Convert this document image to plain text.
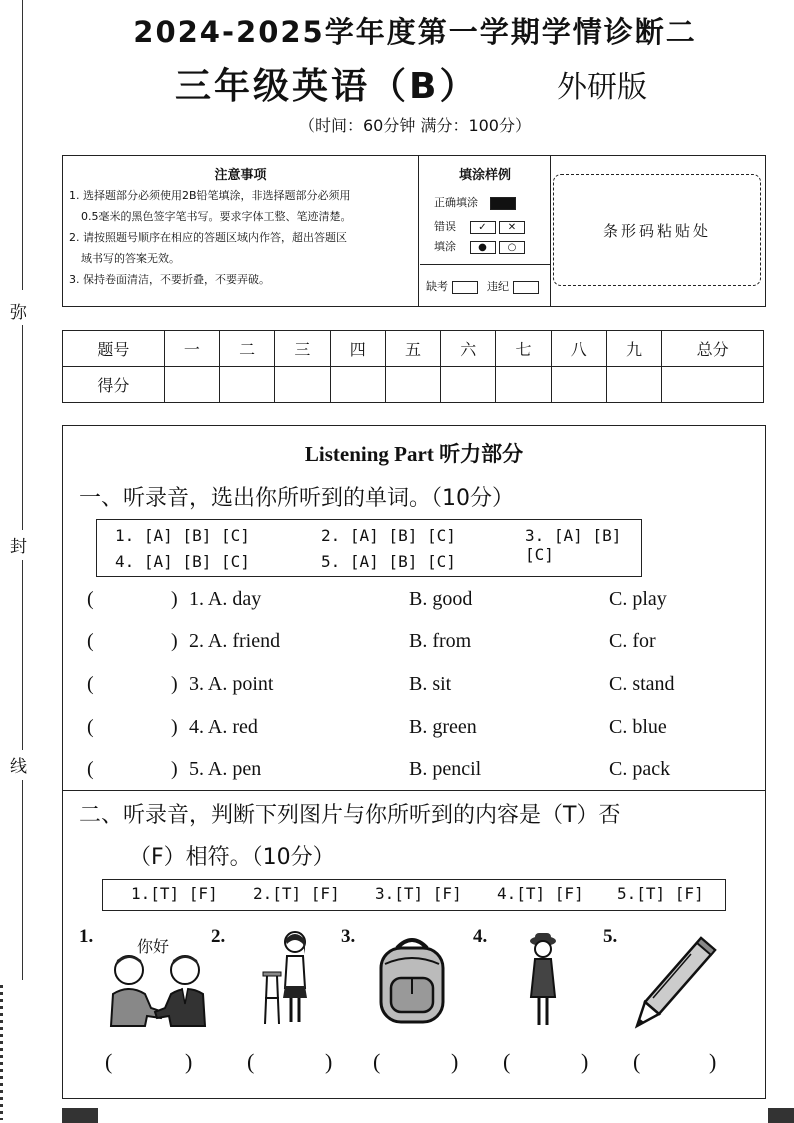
弥
封
线
2024-2025学年度第一学期学情诊断二
三年级英语（B）	外研版
（时间：60分钟 满分：100分）
注意事项
1. 选择题部分必须使用2B铅笔填涂，非选择题部分必须用
0.5毫米的黑色签字笔书写。要求字体工整、笔迹清楚。
2. 请按照题号顺序在相应的答题区域内作答，超出答题区
域书写的答案无效。
3. 保持卷面清洁，不要折叠，不要弄破。
填涂样例
正确填涂
错误 ✓ ✕
填涂 ● ○
缺考	违纪
条形码粘贴处
题号	一	二	三	四	五	六	七	八	九	总分
得分										
Listening Part 听力部分
一、听录音，选出你所听到的单词。（10分）
1. [A] [B] [C]	2. [A] [B] [C]	3. [A] [B] [C]
4. [A] [B] [C]	5. [A] [B] [C]
(	) 1. A. day	B. good	C. play
(	) 2. A. friend	B. from	C. for
(	) 3. A. point	B. sit	C. stand
(	) 4. A. red	B. green	C. blue
(	) 5. A. pen	B. pencil	C. pack
二、听录音，判断下列图片与你所听到的内容是（T）否
（F）相符。（10分）
1.[T] [F] 2.[T] [F] 3.[T] [F] 4.[T] [F] 5.[T] [F]
1.	2.	3.	4.	5.
你好
(	) (	) (	) (	) (	)
